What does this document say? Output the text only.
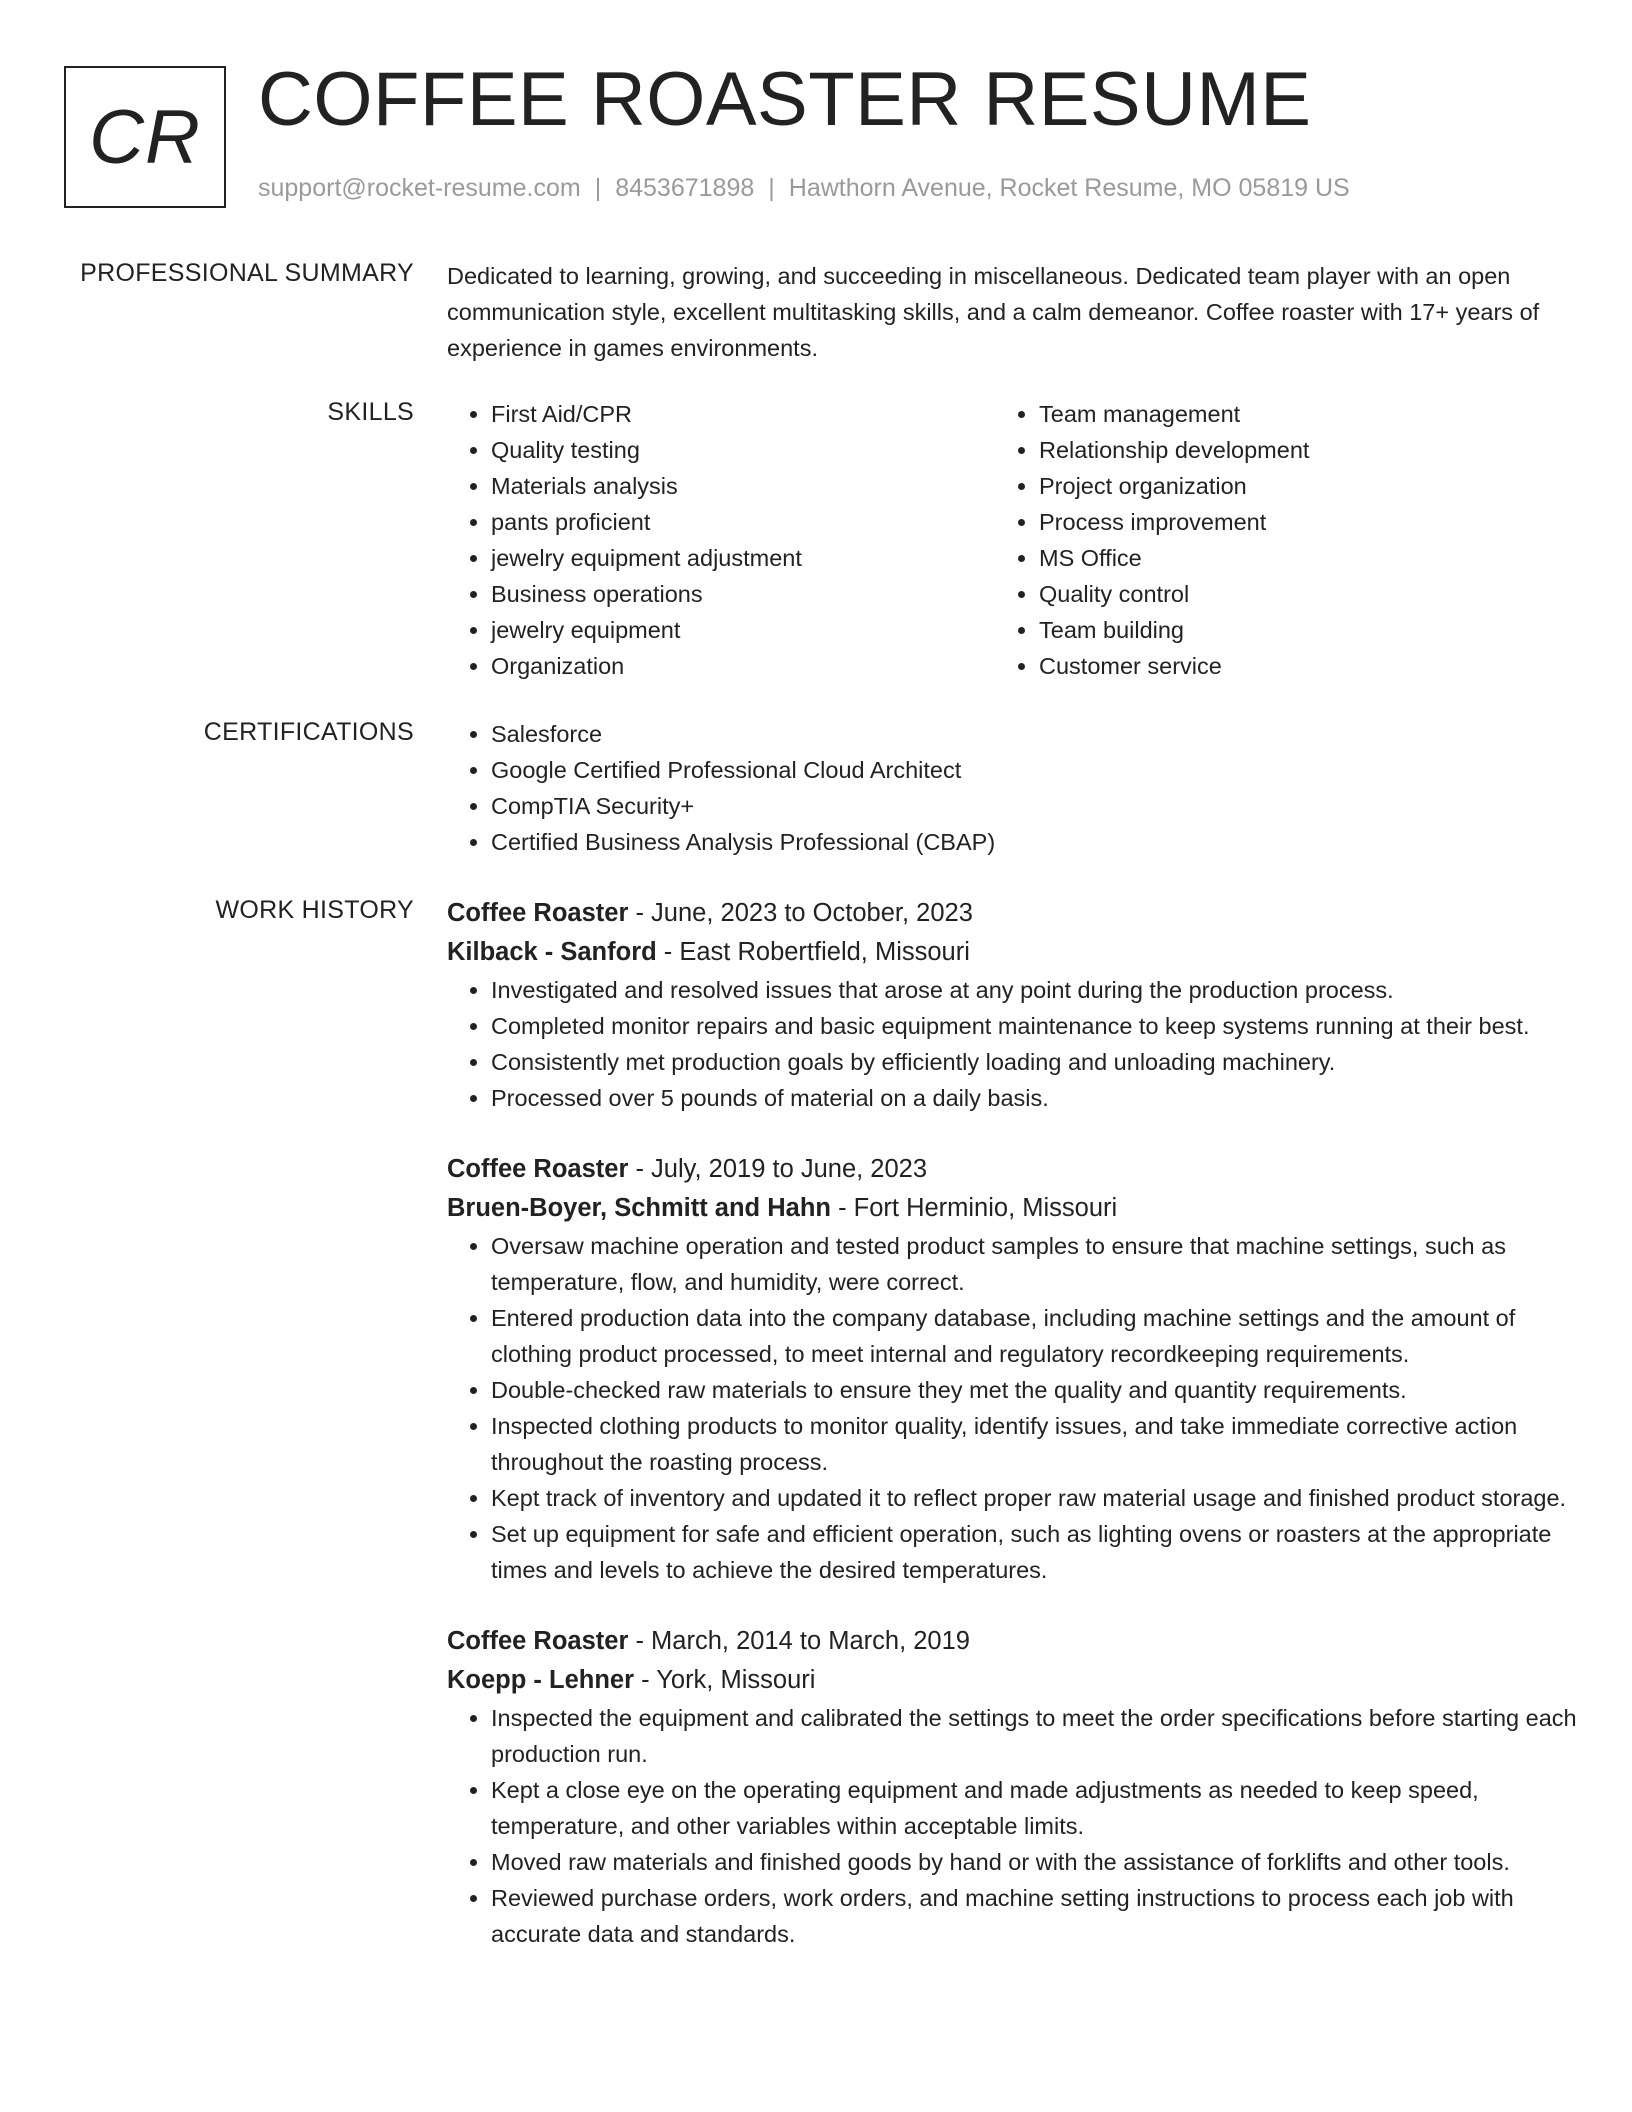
CR COFFEE ROASTER RESUME
support@rocket-resume.com | 8453671898 | Hawthorn Avenue, Rocket Resume, MO 05819 US
PROFESSIONAL SUMMARY Dedicated to learning, growing, and succeeding in miscellaneous. Dedicated team player with an open communication style, excellent multitasking skills, and a calm demeanor. Coffee roaster with 17+ years of experience in games environments.
SKILLS	• First Aid/CPR
• Quality testing
• Materials analysis
• pants proficient
• jewelry equipment adjustment
• Business operations
• jewelry equipment
• Organization
• Team management
• Relationship development
• Project organization
• Process improvement
• MS Office
• Quality control
• Team building
• Customer service
CERTIFICATIONS	• Salesforce
• Google Certified Professional Cloud Architect
• CompTIA Security+
• Certified Business Analysis Professional (CBAP)
WORK HISTORY Coffee Roaster - June, 2023 to October, 2023
Kilback - Sanford - East Robertfield, Missouri
• Investigated and resolved issues that arose at any point during the production process.
• Completed monitor repairs and basic equipment maintenance to keep systems running at their best.
• Consistently met production goals by efficiently loading and unloading machinery.
• Processed over 5 pounds of material on a daily basis.
Coffee Roaster - July, 2019 to June, 2023
Bruen-Boyer, Schmitt and Hahn - Fort Herminio, Missouri
• Oversaw machine operation and tested product samples to ensure that machine settings, such as temperature, flow, and humidity, were correct.
• Entered production data into the company database, including machine settings and the amount of clothing product processed, to meet internal and regulatory recordkeeping requirements.
• Double-checked raw materials to ensure they met the quality and quantity requirements.
• Inspected clothing products to monitor quality, identify issues, and take immediate corrective action throughout the roasting process.
• Kept track of inventory and updated it to reflect proper raw material usage and finished product storage.
• Set up equipment for safe and efficient operation, such as lighting ovens or roasters at the appropriate times and levels to achieve the desired temperatures.
Coffee Roaster - March, 2014 to March, 2019
Koepp - Lehner - York, Missouri
• Inspected the equipment and calibrated the settings to meet the order specifications before starting each production run.
• Kept a close eye on the operating equipment and made adjustments as needed to keep speed, temperature, and other variables within acceptable limits.
• Moved raw materials and finished goods by hand or with the assistance of forklifts and other tools.
• Reviewed purchase orders, work orders, and machine setting instructions to process each job with accurate data and standards.
